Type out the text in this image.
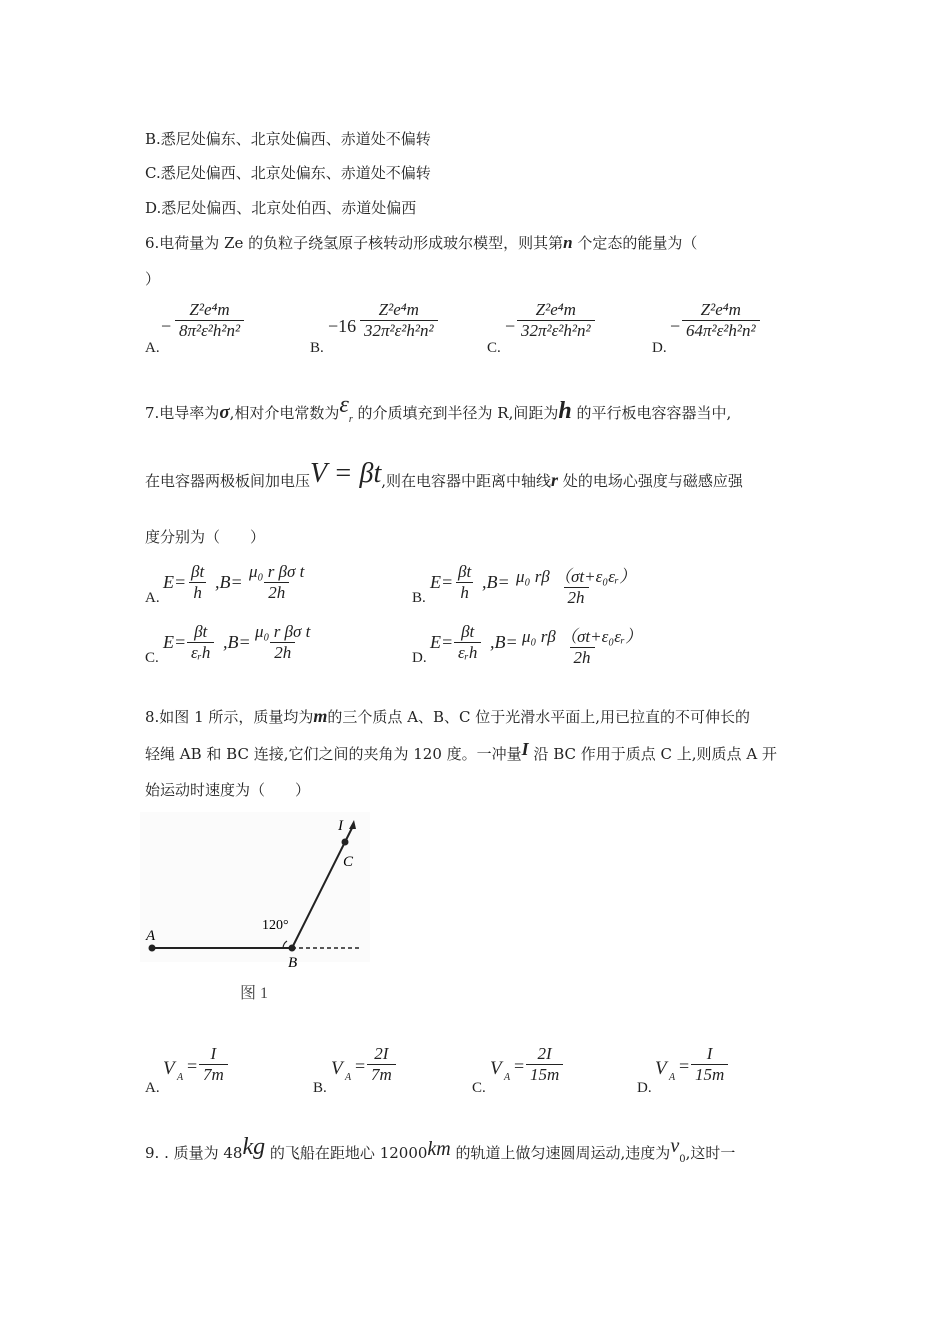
B.悉尼处偏东、北京处偏西、赤道处不偏转
C.悉尼处偏西、北京处偏东、赤道处不偏转
D.悉尼处偏西、北京处伯西、赤道处偏西
6.电荷量为 Ze 的负粒子绕氢原子核转动形成玻尔模型，则其第n 个定态的能量为（
）
A.
− $\frac{\text{Z²e⁴m}}{\text{8π²ε²h²n²}}$
B.
$-16 \frac{\text{Z²e⁴m}}{\text{32π²ε²h²n²}}$
C.
− $\frac{\text{Z²e⁴m}}{\text{32π²ε²h²n²}}$
D.
− $\frac{\text{Z²e⁴m}}{\text{64π²ε²h²n²}}$
7.电导率为σ,相对介电常数为$\varepsilon_r$ 的介质填充到半径为 R,间距为h 的平行板电容容器当中,
在电容器两极板间加电压V = βt,则在电容器中距离中轴线r 处的电场心强度与磁感应强
度分别为（　　）
A.
$E= \frac{\beta t}{h} ,B= \frac{\text{μ₀ r βσ t}}{2h}$	B.
$E= \frac{\beta t}{h} ,B= \frac{\text{μ₀ rβ （σt+ε₀εᵣ）}}{2h}$
C.
E=
βt
εᵣh
$,B= \frac{\text{μ₀ r βσ t}}{2h}$	D.
E=
βt
εᵣh
$,B= \frac{\text{μ₀ rβ （σt+ε₀εᵣ）}}{2h}$
8.如图 1 所示，质量均为m的三个质点 A、B、C 位于光滑水平面上,用已拉直的不可伸长的
轻绳 AB 和 BC 连接,它们之间的夹角为 120 度。一冲量I 沿 BC 作用于质点 C 上,则质点 A 开
始运动时速度为（　　）
A
B
C
I
120°
图 1
A.
V A
= $\frac{I}{7m}$
B.
V A
= $\frac{2I}{7m}$
C.
V A
= $\frac{2I}{15m}$
D.
V A
= $\frac{I}{15m}$
9. . 质量为 48kg 的飞船在距地心 12000km 的轨道上做匀速圆周运动,违度为$v_0$,这时一
